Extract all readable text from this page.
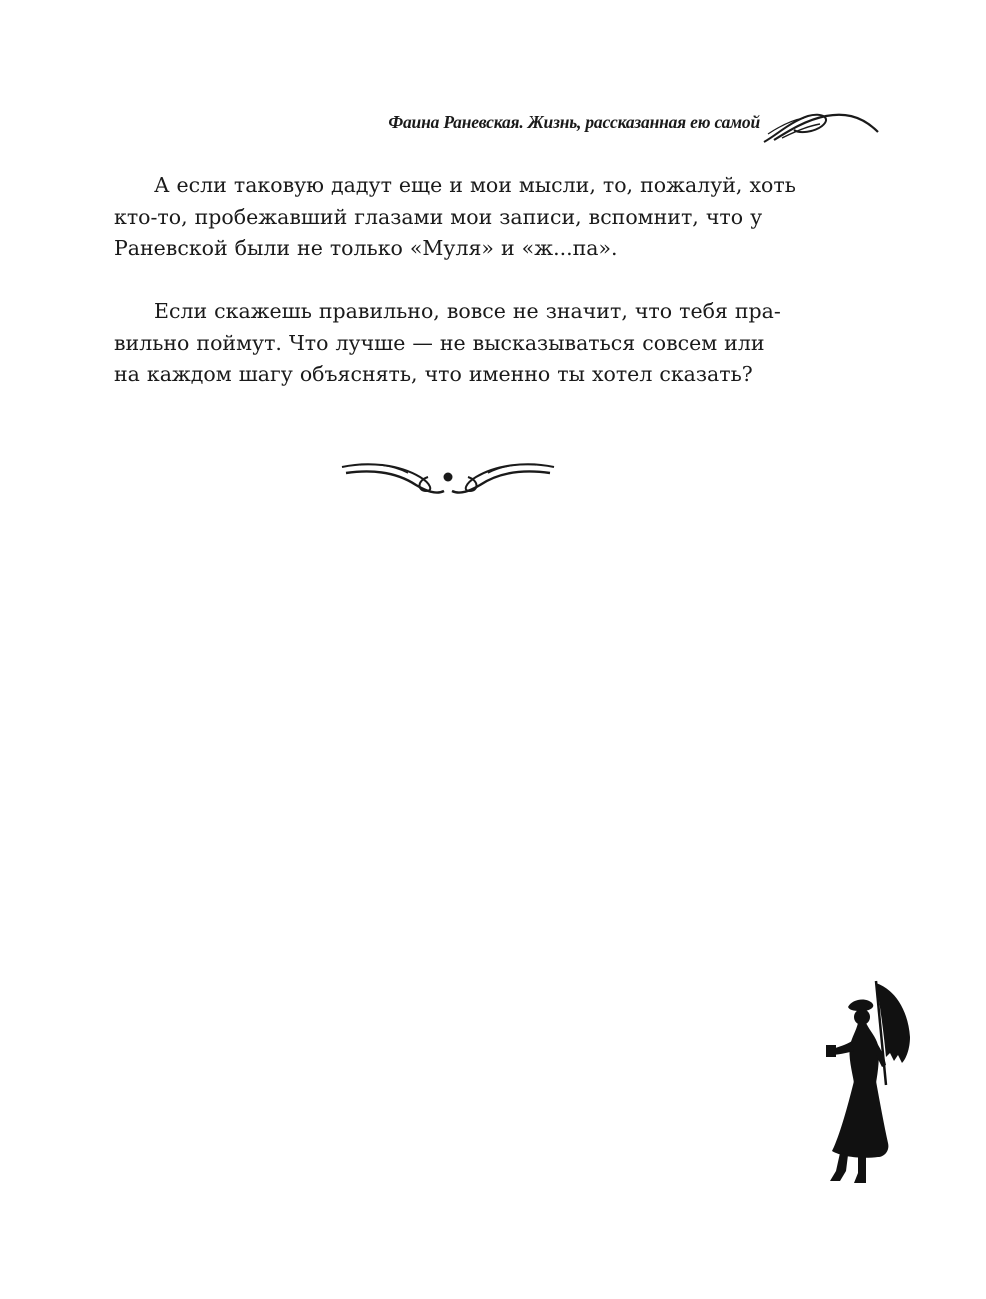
Фаина Раневская. Жизнь, рассказанная ею самой
А если таковую дадут еще и мои мысли, то, пожалуй, хоть
кто-то, пробежавший глазами мои записи, вспомнит, что у
Раневской были не только «Муля» и «ж...па».
Если скажешь правильно, вовсе не значит, что тебя пра-
вильно поймут. Что лучше — не высказываться совсем или
на каждом шагу объяснять, что именно ты хотел сказать?
